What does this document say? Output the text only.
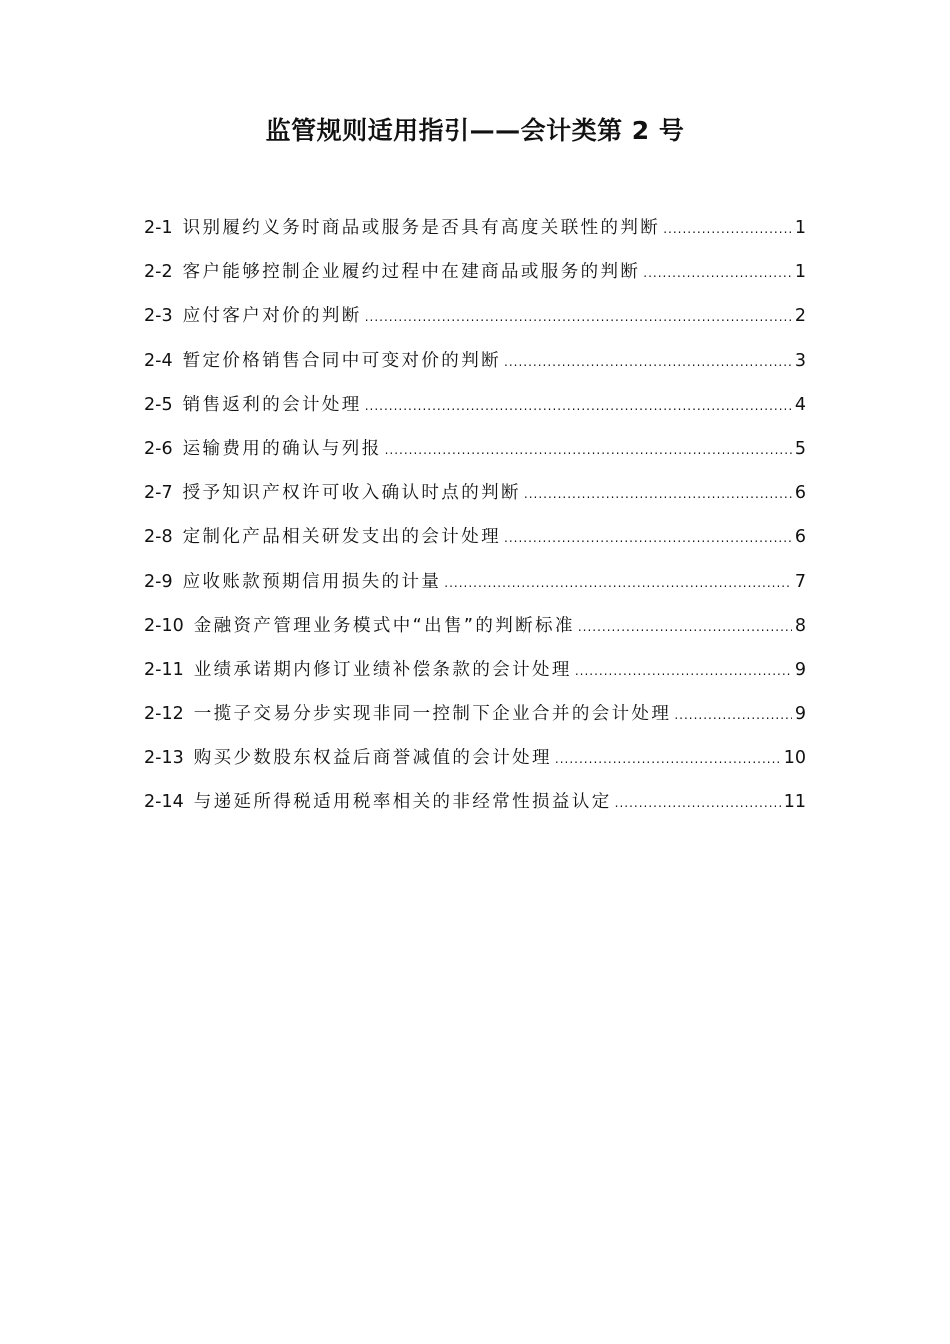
监管规则适用指引——会计类第 2 号
2-1 识别履约义务时商品或服务是否具有高度关联性的判断 .....	1
2-2 客户能够控制企业履约过程中在建商品或服务的判断 .....	1
2-3 应付客户对价的判断 .....	2
2-4 暂定价格销售合同中可变对价的判断 .....	3
2-5 销售返利的会计处理 .....	4
2-6 运输费用的确认与列报 .....	5
2-7 授予知识产权许可收入确认时点的判断 .....	6
2-8 定制化产品相关研发支出的会计处理 .....	6
2-9 应收账款预期信用损失的计量 .....	7
2-10 金融资产管理业务模式中“出售”的判断标准 .....	8
2-11 业绩承诺期内修订业绩补偿条款的会计处理 .....	9
2-12 一揽子交易分步实现非同一控制下企业合并的会计处理 .....	9
2-13 购买少数股东权益后商誉减值的会计处理 .....	10
2-14 与递延所得税适用税率相关的非经常性损益认定 .....	11
